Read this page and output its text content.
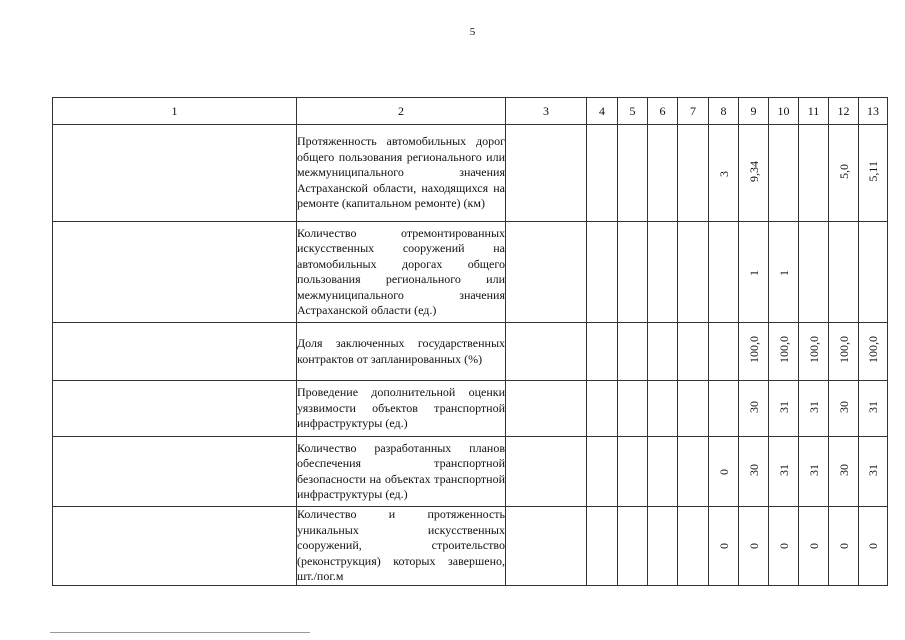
5
1	2	3	4	5	6	7	8	9	10	11	12	13
	Протяженность автомобильных дорог общего пользования регионального или межмуниципального значения Астраханской области, находящихся на ремонте (капитальном ремонте) (км)						3	9,34			5,0	5,11
	Количество отремонтированных искусственных сооружений на автомобильных дорогах общего пользования регионального или межмуниципального значения Астраханской области (ед.)							1	1			
	Доля заключенных государственных контрактов от запланированных (%)							100,0	100,0	100,0	100,0	100,0
	Проведение дополнительной оценки уязвимости объектов транспортной инфраструктуры (ед.)							30	31	31	30	31
	Количество разработанных планов обеспечения транспортной безопасности на объектах транспортной инфраструктуры (ед.)						0	30	31	31	30	31
	Количество и протяженность уникальных искусственных сооружений, строительство (реконструкция) которых завершено, шт./пог.м						0	0	0	0	0	0
